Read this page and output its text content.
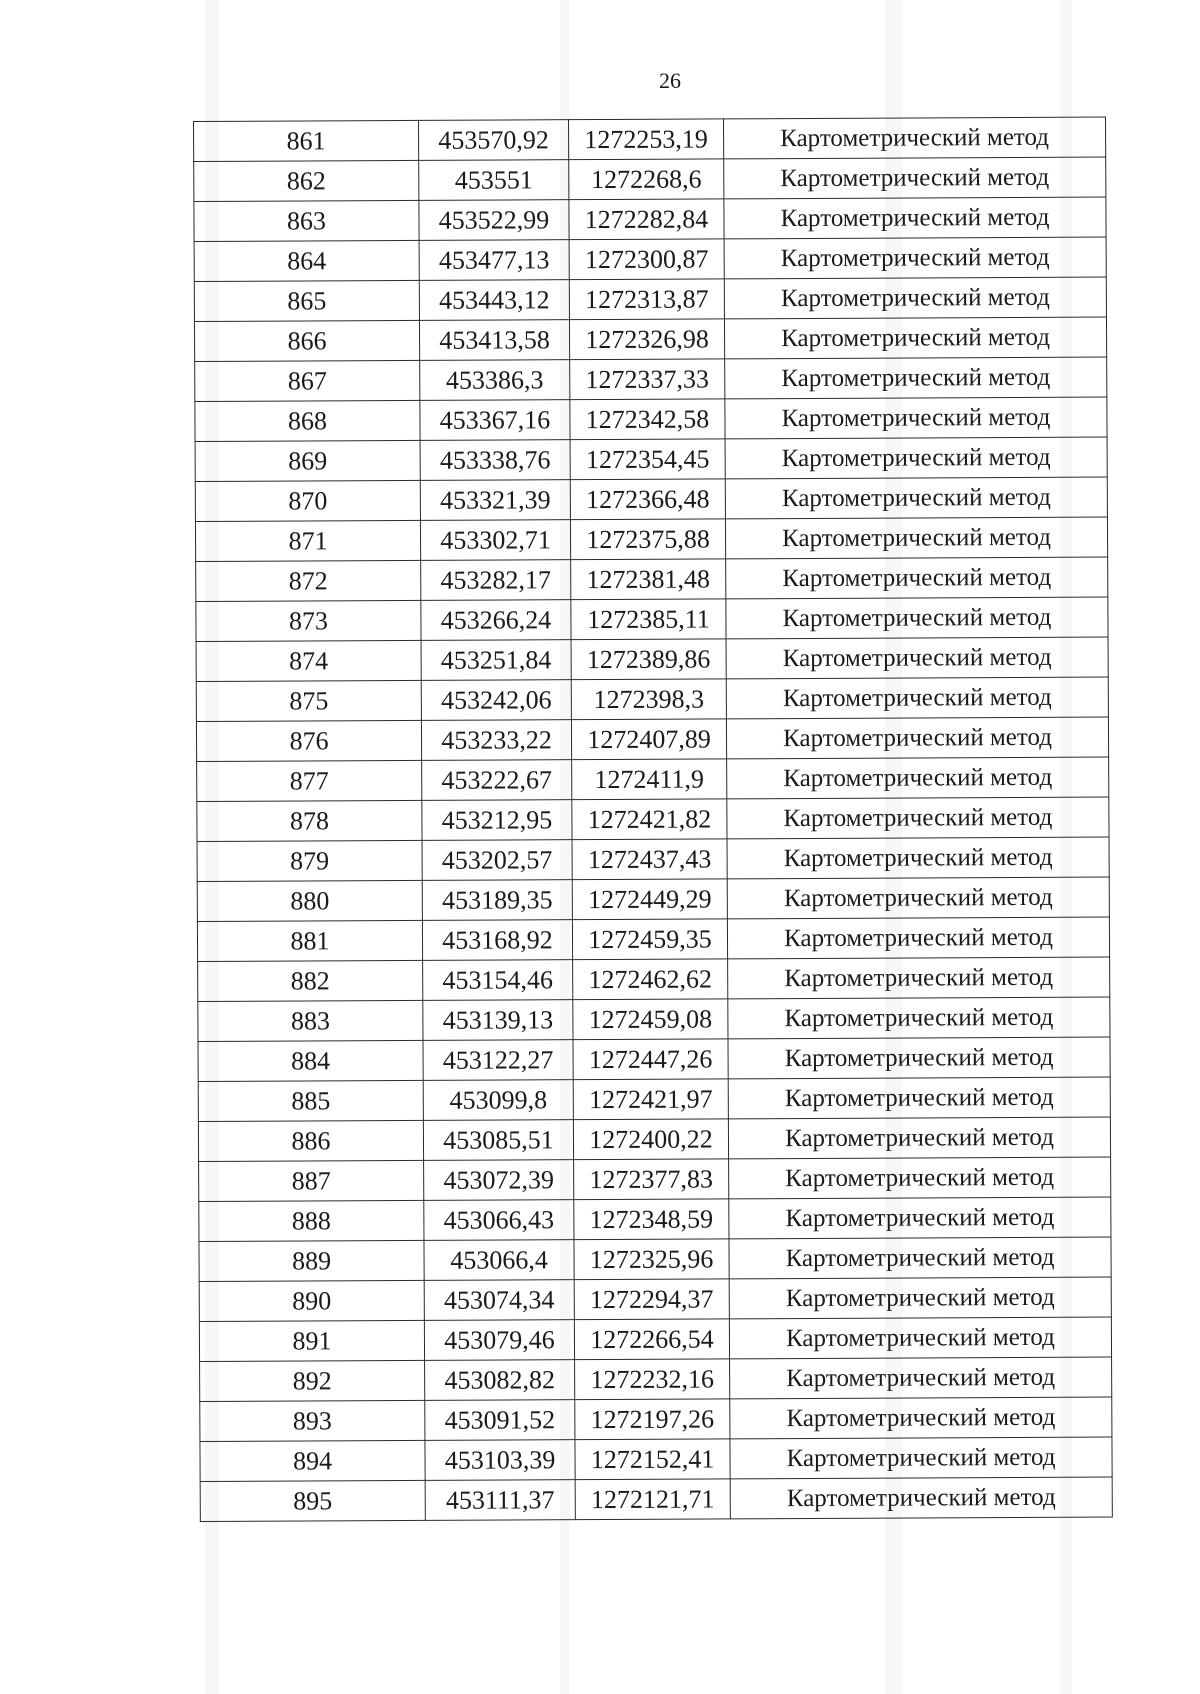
26
861	453570,92	1272253,19	Картометрический метод
862	453551	1272268,6	Картометрический метод
863	453522,99	1272282,84	Картометрический метод
864	453477,13	1272300,87	Картометрический метод
865	453443,12	1272313,87	Картометрический метод
866	453413,58	1272326,98	Картометрический метод
867	453386,3	1272337,33	Картометрический метод
868	453367,16	1272342,58	Картометрический метод
869	453338,76	1272354,45	Картометрический метод
870	453321,39	1272366,48	Картометрический метод
871	453302,71	1272375,88	Картометрический метод
872	453282,17	1272381,48	Картометрический метод
873	453266,24	1272385,11	Картометрический метод
874	453251,84	1272389,86	Картометрический метод
875	453242,06	1272398,3	Картометрический метод
876	453233,22	1272407,89	Картометрический метод
877	453222,67	1272411,9	Картометрический метод
878	453212,95	1272421,82	Картометрический метод
879	453202,57	1272437,43	Картометрический метод
880	453189,35	1272449,29	Картометрический метод
881	453168,92	1272459,35	Картометрический метод
882	453154,46	1272462,62	Картометрический метод
883	453139,13	1272459,08	Картометрический метод
884	453122,27	1272447,26	Картометрический метод
885	453099,8	1272421,97	Картометрический метод
886	453085,51	1272400,22	Картометрический метод
887	453072,39	1272377,83	Картометрический метод
888	453066,43	1272348,59	Картометрический метод
889	453066,4	1272325,96	Картометрический метод
890	453074,34	1272294,37	Картометрический метод
891	453079,46	1272266,54	Картометрический метод
892	453082,82	1272232,16	Картометрический метод
893	453091,52	1272197,26	Картометрический метод
894	453103,39	1272152,41	Картометрический метод
895	453111,37	1272121,71	Картометрический метод
